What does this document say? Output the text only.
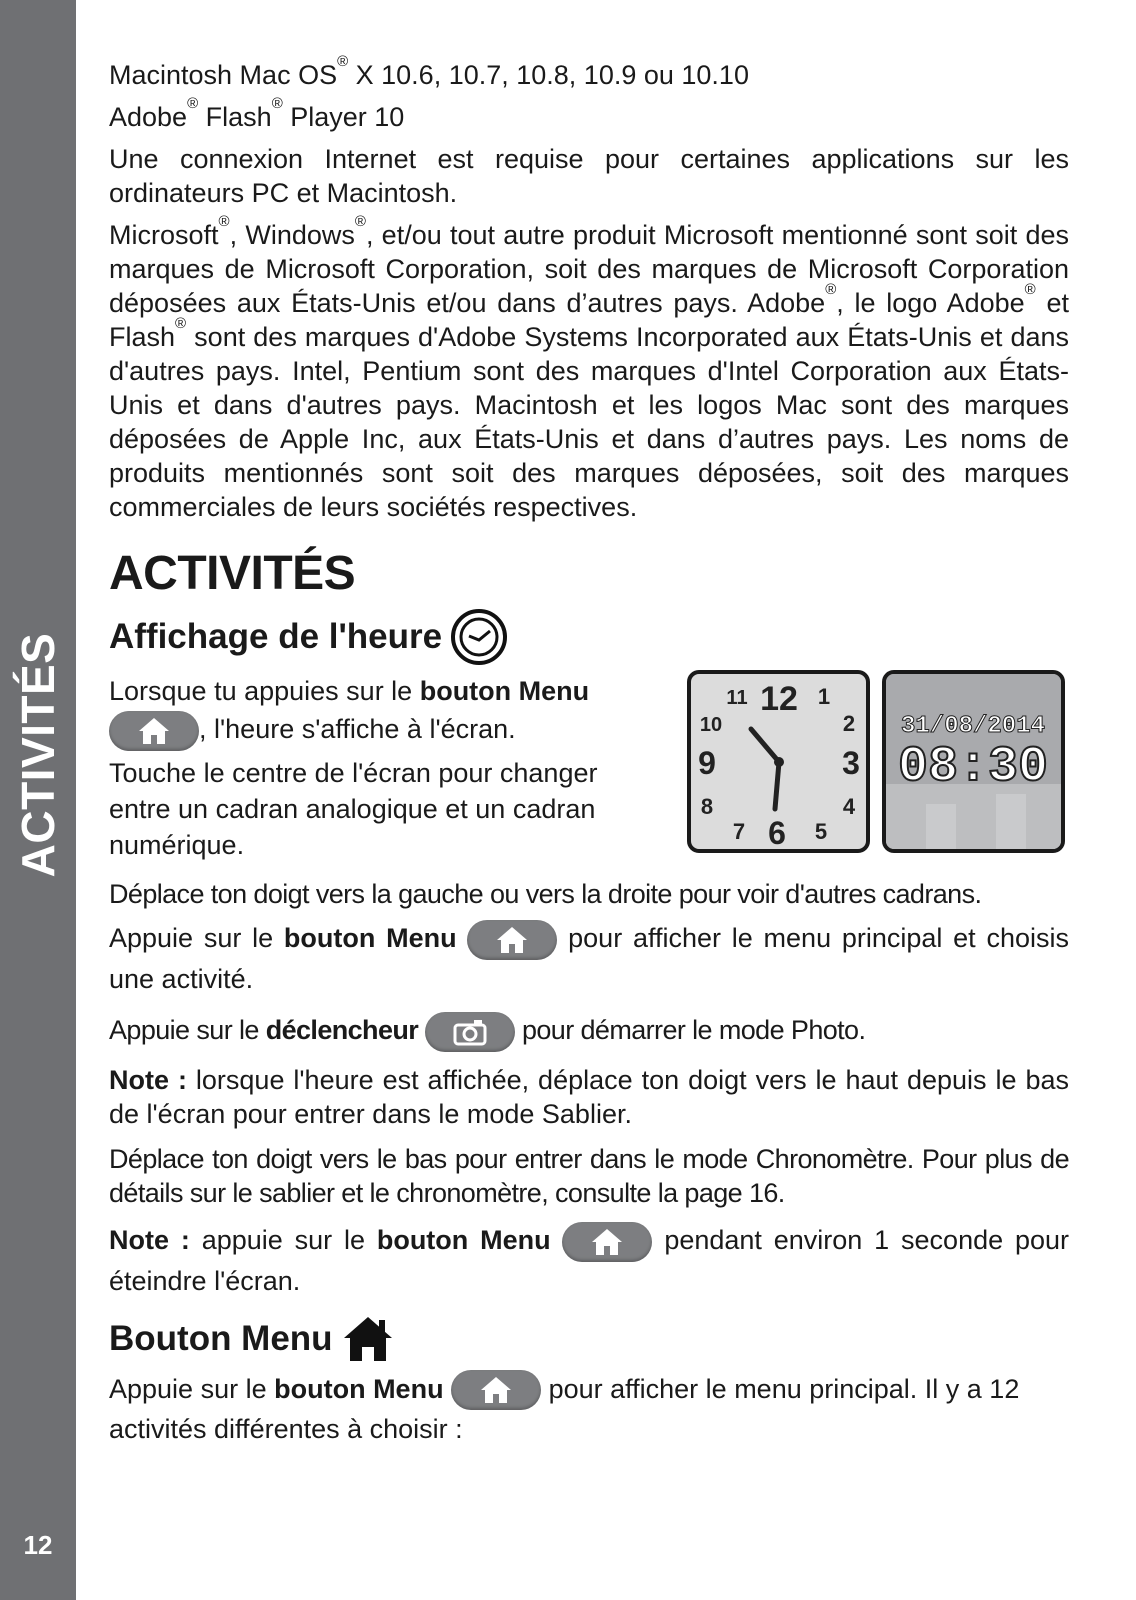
ACTIVITÉS
12

Macintosh Mac OS® X 10.6, 10.7, 10.8, 10.9 ou 10.10

Adobe® Flash® Player 10

Une connexion Internet est requise pour certaines applications sur les ordinateurs PC et Macintosh.

Microsoft®, Windows®, et/ou tout autre produit Microsoft mentionné sont soit des marques de Microsoft Corporation, soit des marques de Microsoft Corporation déposées aux États-Unis et/ou dans d’autres pays. Adobe®, le logo Adobe® et Flash® sont des marques d'Adobe Systems Incorporated aux États-Unis et dans d'autres pays. Intel, Pentium sont des marques d'Intel Corporation aux États-Unis et dans d'autres pays. Macintosh et les logos Mac sont des marques déposées de Apple Inc, aux États-Unis et dans d’autres pays. Les noms de produits mentionnés sont soit des marques déposées, soit des marques commerciales de leurs sociétés respectives.

ACTIVITÉS
Affichage de l'heure

Lorsque tu appuies sur le bouton Menu

, l'heure s'affiche à l'écran.

Touche le centre de l'écran pour changer entre un cadran analogique et un cadran numérique.

12 1
2
3
4
5
6
7
8
9
10
11
31/08/2014
08:30

Déplace ton doigt vers la gauche ou vers la droite pour voir d'autres cadrans.

Appuie sur le bouton Menu	pour afficher le menu principal et choisis une activité.

Appuie sur le déclencheur	pour démarrer le mode Photo.

Note : lorsque l'heure est affichée, déplace ton doigt vers le haut depuis le bas de l'écran pour entrer dans le mode Sablier.

Déplace ton doigt vers le bas pour entrer dans le mode Chronomètre. Pour plus de détails sur le sablier et le chronomètre, consulte la page 16.

Note : appuie sur le bouton Menu	pendant environ 1 seconde pour éteindre l'écran.

Bouton Menu

Appuie sur le bouton Menu	pour afficher le menu principal. Il y a 12 activités différentes à choisir :
